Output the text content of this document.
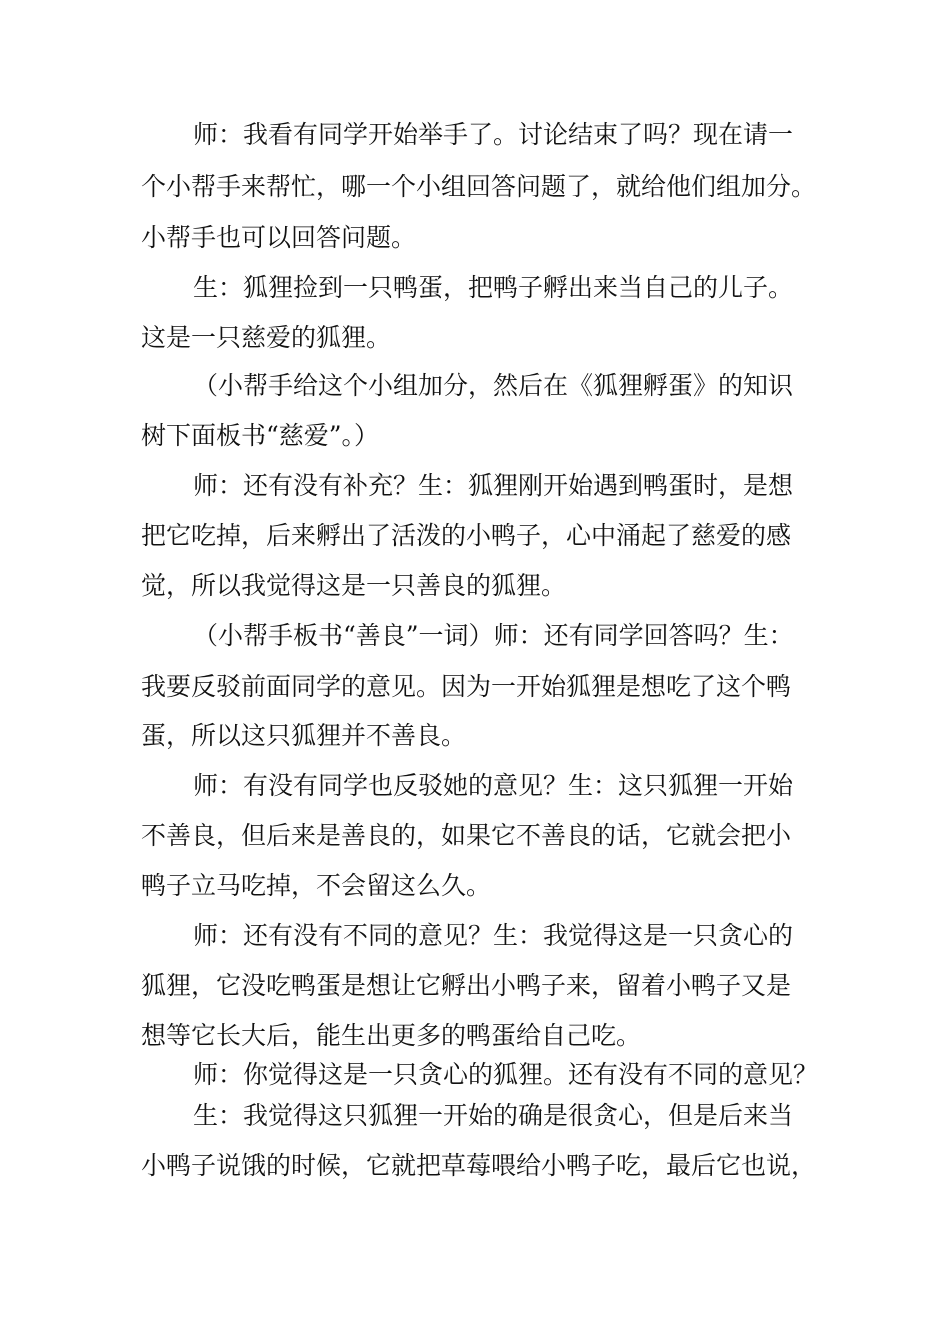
师：我看有同学开始举手了。讨论结束了吗？现在请一
个小帮手来帮忙，哪一个小组回答问题了，就给他们组加分。
小帮手也可以回答问题。
生：狐狸捡到一只鸭蛋，把鸭子孵出来当自己的儿子。
这是一只慈爱的狐狸。
（小帮手给这个小组加分，然后在《狐狸孵蛋》的知识
树下面板书“慈爱”。）
师：还有没有补充？生：狐狸刚开始遇到鸭蛋时，是想
把它吃掉，后来孵出了活泼的小鸭子，心中涌起了慈爱的感
觉，所以我觉得这是一只善良的狐狸。
（小帮手板书“善良”一词）师：还有同学回答吗？生：
我要反驳前面同学的意见。因为一开始狐狸是想吃了这个鸭
蛋，所以这只狐狸并不善良。
师：有没有同学也反驳她的意见？生：这只狐狸一开始
不善良，但后来是善良的，如果它不善良的话，它就会把小
鸭子立马吃掉，不会留这么久。
师：还有没有不同的意见？生：我觉得这是一只贪心的
狐狸，它没吃鸭蛋是想让它孵出小鸭子来，留着小鸭子又是
想等它长大后，能生出更多的鸭蛋给自己吃。
师：你觉得这是一只贪心的狐狸。还有没有不同的意见？
生：我觉得这只狐狸一开始的确是很贪心，但是后来当
小鸭子说饿的时候，它就把草莓喂给小鸭子吃，最后它也说，
